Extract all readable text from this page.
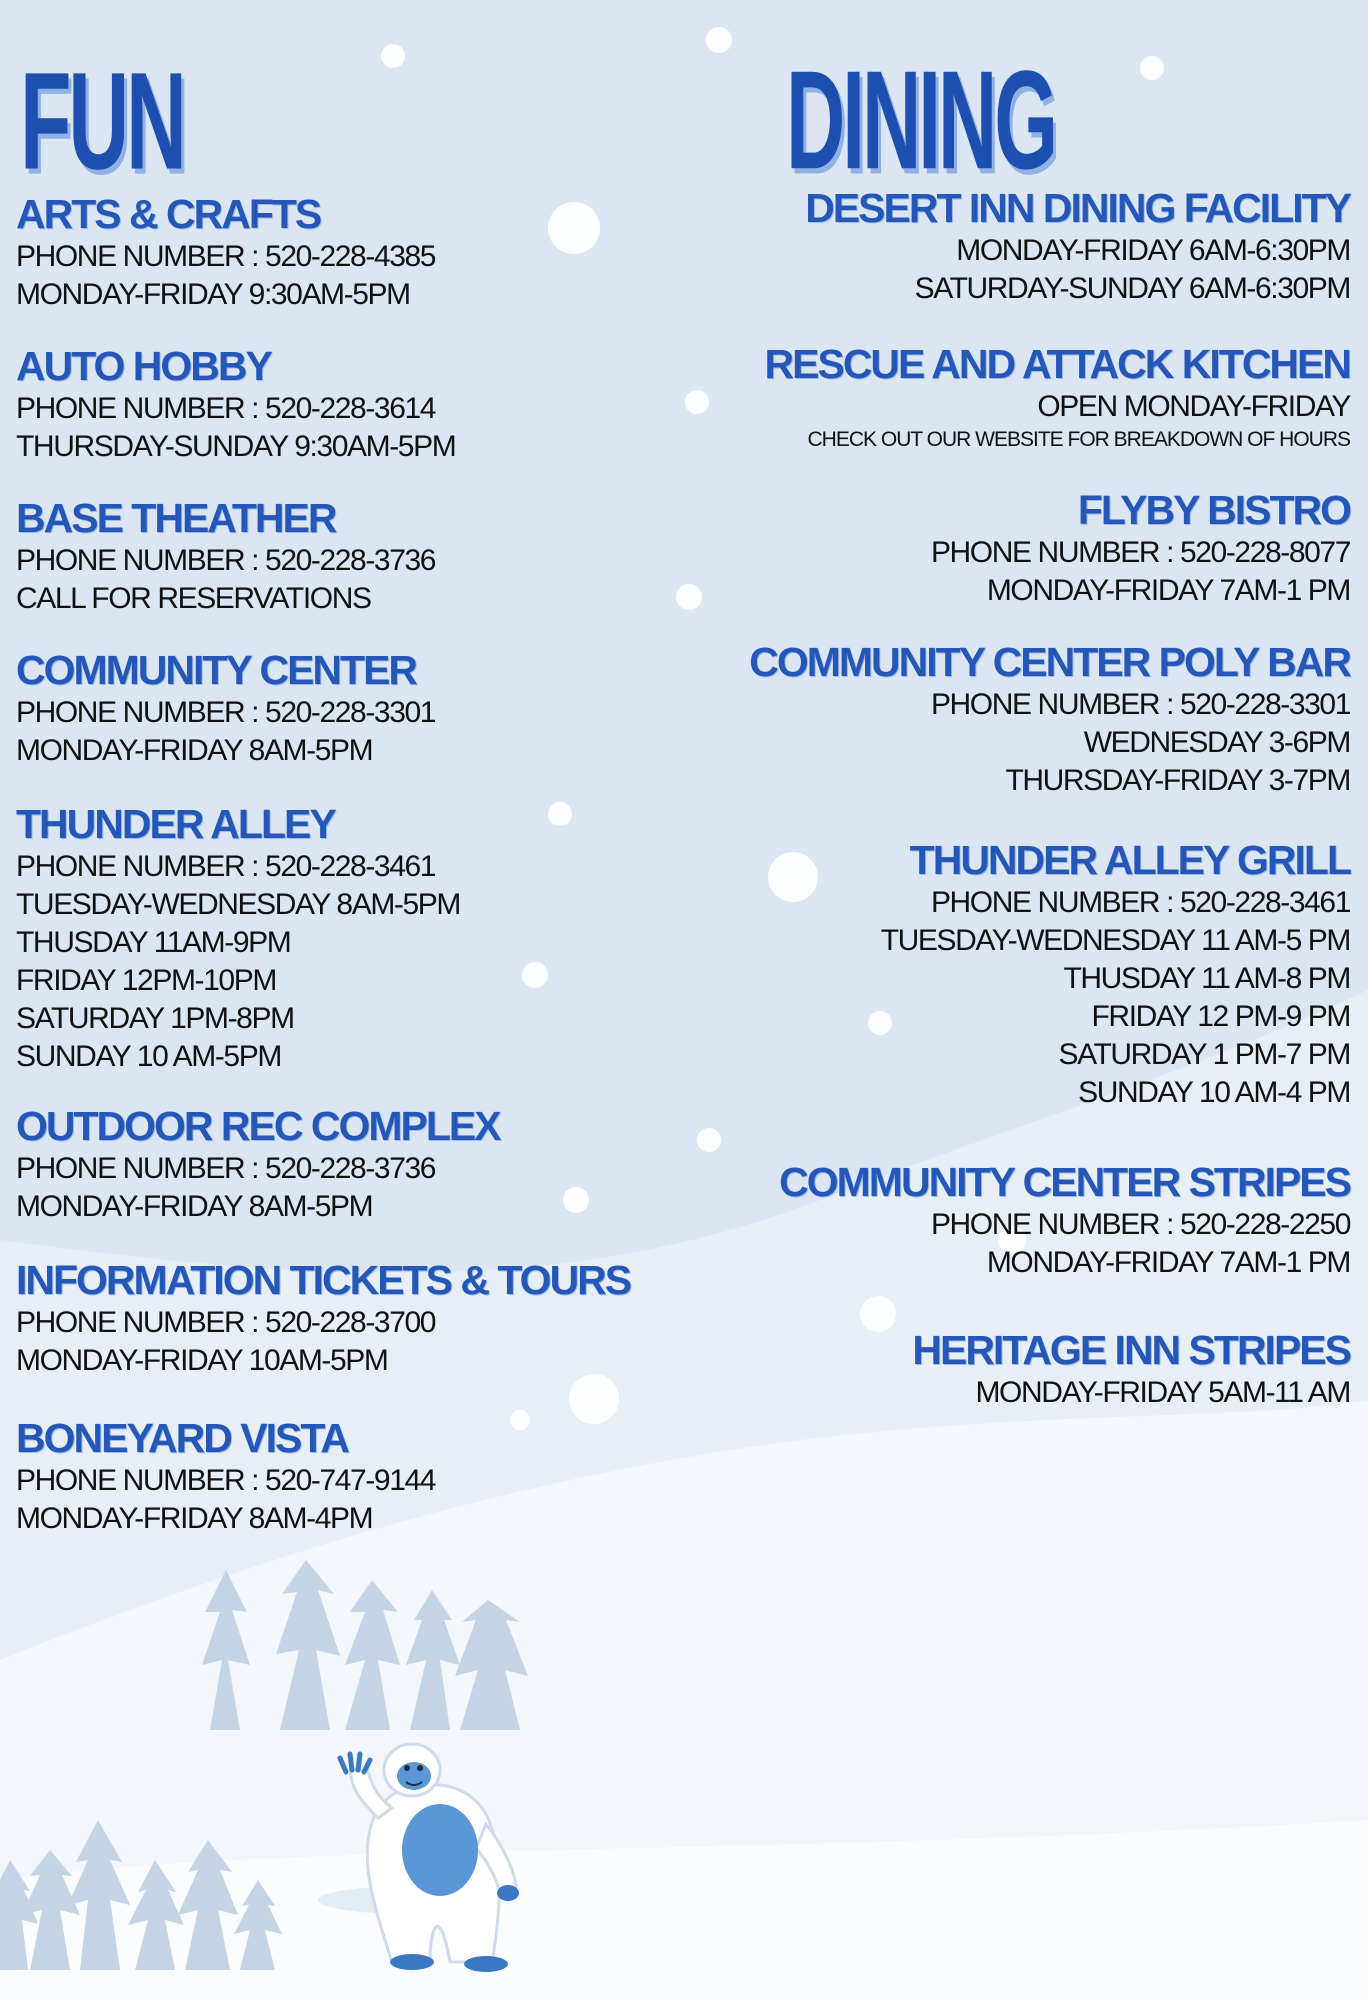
FUN
ARTS & CRAFTS
PHONE NUMBER : 520-228-4385
MONDAY-FRIDAY 9:30AM-5PM
AUTO HOBBY
PHONE NUMBER : 520-228-3614
THURSDAY-SUNDAY 9:30AM-5PM
BASE THEATHER
PHONE NUMBER : 520-228-3736
CALL FOR RESERVATIONS
COMMUNITY CENTER
PHONE NUMBER : 520-228-3301
MONDAY-FRIDAY 8AM-5PM
THUNDER ALLEY
PHONE NUMBER : 520-228-3461
TUESDAY-WEDNESDAY 8AM-5PM
THUSDAY 11AM-9PM
FRIDAY 12PM-10PM
SATURDAY 1PM-8PM
SUNDAY 10 AM-5PM
OUTDOOR REC COMPLEX
PHONE NUMBER : 520-228-3736
MONDAY-FRIDAY 8AM-5PM
INFORMATION TICKETS & TOURS
PHONE NUMBER : 520-228-3700
MONDAY-FRIDAY 10AM-5PM
BONEYARD VISTA
PHONE NUMBER : 520-747-9144
MONDAY-FRIDAY 8AM-4PM
DINING
DESERT INN DINING FACILITY
MONDAY-FRIDAY 6AM-6:30PM
SATURDAY-SUNDAY 6AM-6:30PM
RESCUE AND ATTACK KITCHEN
OPEN MONDAY-FRIDAY
CHECK OUT OUR WEBSITE FOR BREAKDOWN OF HOURS
FLYBY BISTRO
PHONE NUMBER : 520-228-8077
MONDAY-FRIDAY 7AM-1 PM
COMMUNITY CENTER POLY BAR
PHONE NUMBER : 520-228-3301
WEDNESDAY 3-6PM
THURSDAY-FRIDAY 3-7PM
THUNDER ALLEY GRILL
PHONE NUMBER : 520-228-3461
TUESDAY-WEDNESDAY 11 AM-5 PM
THUSDAY 11 AM-8 PM
FRIDAY 12 PM-9 PM
SATURDAY 1 PM-7 PM
SUNDAY 10 AM-4 PM
COMMUNITY CENTER STRIPES
PHONE NUMBER : 520-228-2250
MONDAY-FRIDAY 7AM-1 PM
HERITAGE INN STRIPES
MONDAY-FRIDAY 5AM-11 AM
